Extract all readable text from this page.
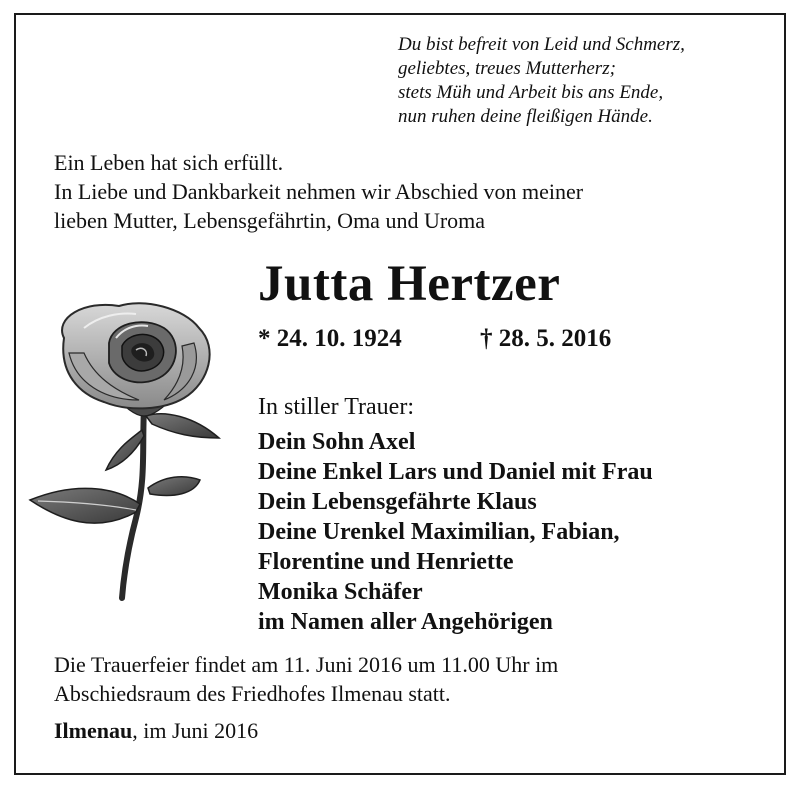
Du bist befreit von Leid und Schmerz,
geliebtes, treues Mutterherz;
stets Müh und Arbeit bis ans Ende,
nun ruhen deine fleißigen Hände.
Ein Leben hat sich erfüllt.
In Liebe und Dankbarkeit nehmen wir Abschied von meiner
lieben Mutter, Lebensgefährtin, Oma und Uroma
Jutta Hertzer
* 24. 10. 1924	† 28. 5. 2016
In stiller Trauer:
Dein Sohn Axel
Deine Enkel Lars und Daniel mit Frau
Dein Lebensgefährte Klaus
Deine Urenkel Maximilian, Fabian,
Florentine und Henriette
Monika Schäfer
im Namen aller Angehörigen
Die Trauerfeier findet am 11. Juni 2016 um 11.00 Uhr im
Abschiedsraum des Friedhofes Ilmenau statt.
Ilmenau, im Juni 2016
